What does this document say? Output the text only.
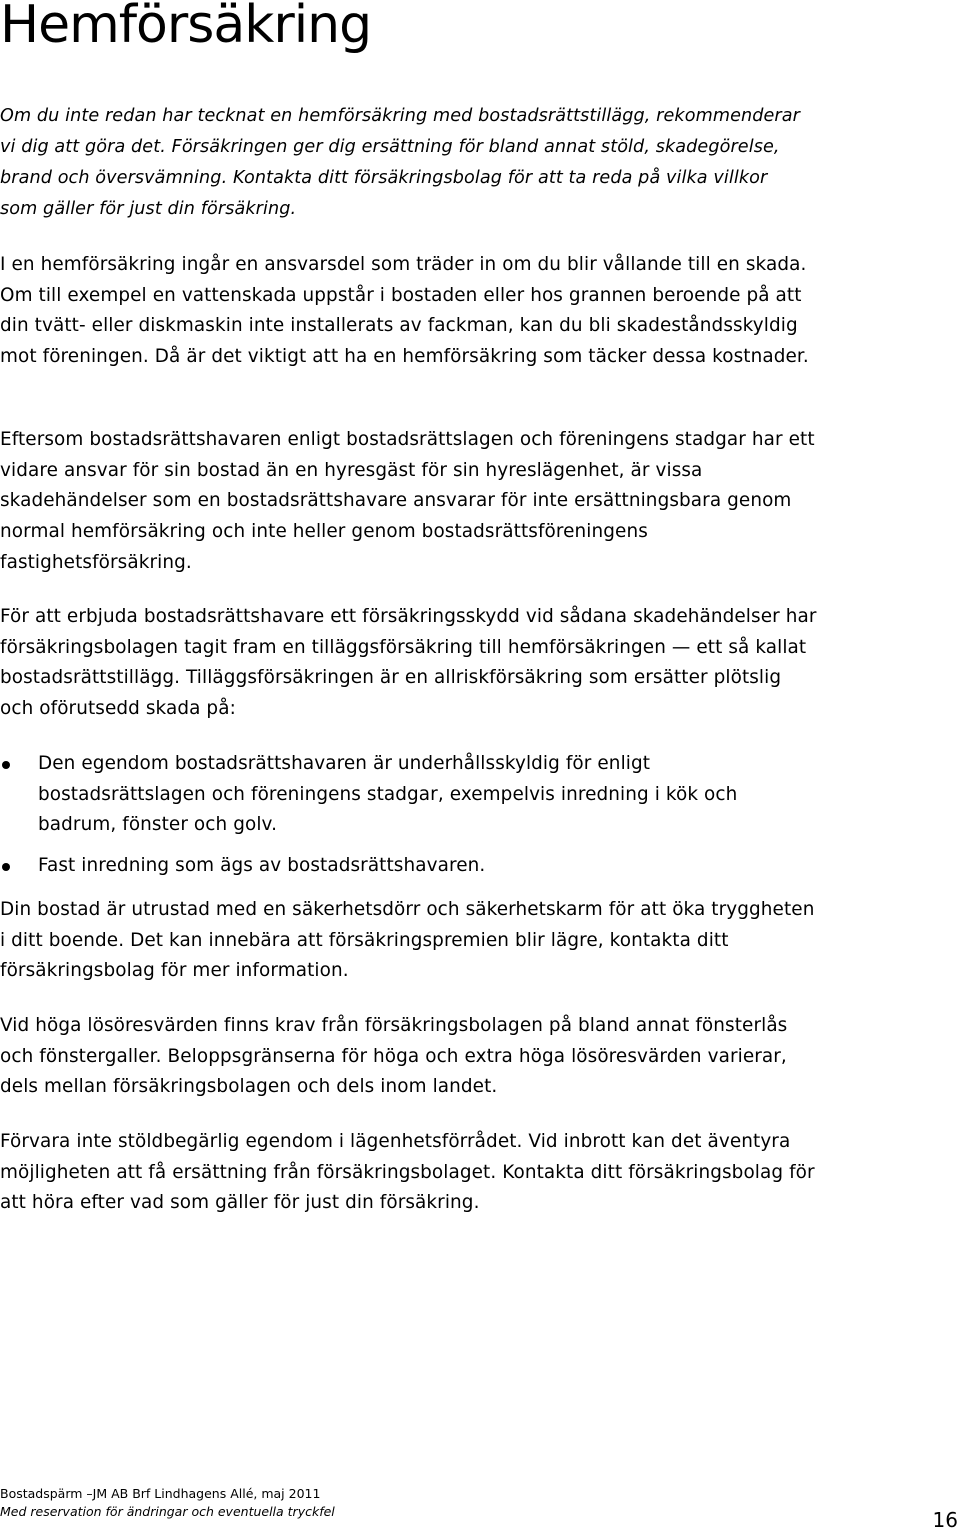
Hemförsäkring

Om du inte redan har tecknat en hemförsäkring med bostadsrättstillägg, rekommenderar vi dig att göra det. Försäkringen ger dig ersättning för bland annat stöld, skadegörelse, brand och översvämning. Kontakta ditt försäkringsbolag för att ta reda på vilka villkor som gäller för just din försäkring.

I en hemförsäkring ingår en ansvarsdel som träder in om du blir vållande till en skada. Om till exempel en vattenskada uppstår i bostaden eller hos grannen beroende på att din tvätt- eller diskmaskin inte installerats av fackman, kan du bli skadeståndsskyldig mot föreningen. Då är det viktigt att ha en hemförsäkring som täcker dessa kostnader.

Eftersom bostadsrättshavaren enligt bostadsrättslagen och föreningens stadgar har ett vidare ansvar för sin bostad än en hyresgäst för sin hyreslägenhet, är vissa skadehändelser som en bostadsrättshavare ansvarar för inte ersättningsbara genom normal hemförsäkring och inte heller genom bostadsrättsföreningens fastighetsförsäkring.

För att erbjuda bostadsrättshavare ett försäkringsskydd vid sådana skadehändelser har försäkringsbolagen tagit fram en tilläggsförsäkring till hemförsäkringen — ett så kallat bostadsrättstillägg. Tilläggsförsäkringen är en allriskförsäkring som ersätter plötslig och oförutsedd skada på:

Den egendom bostadsrättshavaren är underhållsskyldig för enligt bostadsrättslagen och föreningens stadgar, exempelvis inredning i kök och badrum, fönster och golv.
Fast inredning som ägs av bostadsrättshavaren.

Din bostad är utrustad med en säkerhetsdörr och säkerhetskarm för att öka tryggheten i ditt boende. Det kan innebära att försäkringspremien blir lägre, kontakta ditt försäkringsbolag för mer information.

Vid höga lösöresvärden finns krav från försäkringsbolagen på bland annat fönsterlås och fönstergaller. Beloppsgränserna för höga och extra höga lösöresvärden varierar, dels mellan försäkringsbolagen och dels inom landet.

Förvara inte stöldbegärlig egendom i lägenhetsförrådet. Vid inbrott kan det äventyra möjligheten att få ersättning från försäkringsbolaget. Kontakta ditt försäkringsbolag för att höra efter vad som gäller för just din försäkring.

Bostadspärm –JM AB Brf Lindhagens Allé, maj 2011
Med reservation för ändringar och eventuella tryckfel	16
